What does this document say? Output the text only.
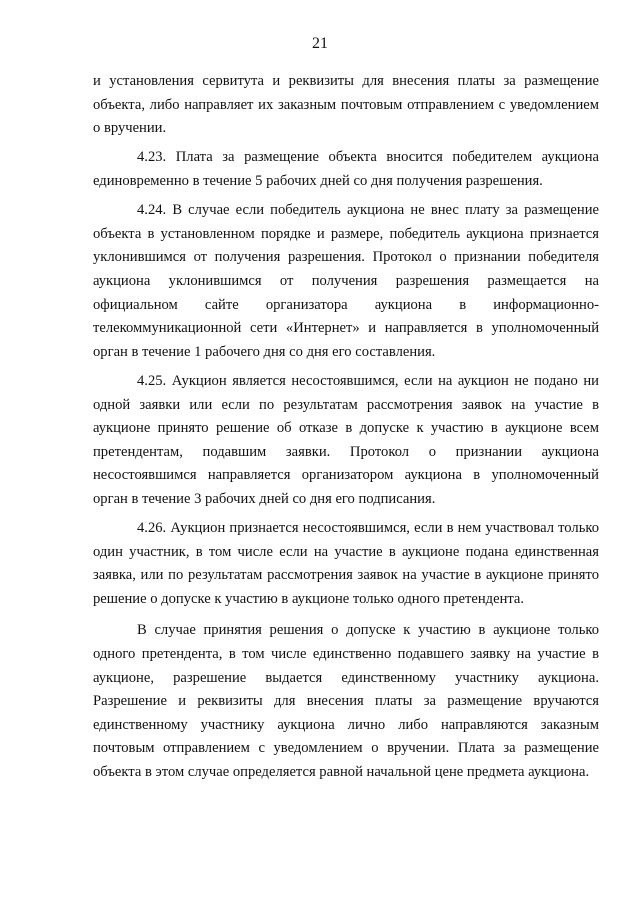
21

и установления сервитута и реквизиты для внесения платы за размещение объекта, либо направляет их заказным почтовым отправлением с уведомлением о вручении.

4.23. Плата за размещение объекта вносится победителем аукциона единовременно в течение 5 рабочих дней со дня получения разрешения.

4.24. В случае если победитель аукциона не внес плату за размещение объекта в установленном порядке и размере, победитель аукциона признается уклонившимся от получения разрешения. Протокол о признании победителя аукциона уклонившимся от получения разрешения размещается на официальном сайте организатора аукциона в информационно-телекоммуникационной сети «Интернет» и направляется в уполномоченный орган в течение 1 рабочего дня со дня его составления.

4.25. Аукцион является несостоявшимся, если на аукцион не подано ни одной заявки или если по результатам рассмотрения заявок на участие в аукционе принято решение об отказе в допуске к участию в аукционе всем претендентам, подавшим заявки. Протокол о признании аукциона несостоявшимся направляется организатором аукциона в уполномоченный орган в течение 3 рабочих дней со дня его подписания.

4.26. Аукцион признается несостоявшимся, если в нем участвовал только один участник, в том числе если на участие в аукционе подана единственная заявка, или по результатам рассмотрения заявок на участие в аукционе принято решение о допуске к участию в аукционе только одного претендента.

В случае принятия решения о допуске к участию в аукционе только одного претендента, в том числе единственно подавшего заявку на участие в аукционе, разрешение выдается единственному участнику аукциона. Разрешение и реквизиты для внесения платы за размещение вручаются единственному участнику аукциона лично либо направляются заказным почтовым отправлением с уведомлением о вручении. Плата за размещение объекта в этом случае определяется равной начальной цене предмета аукциона.
